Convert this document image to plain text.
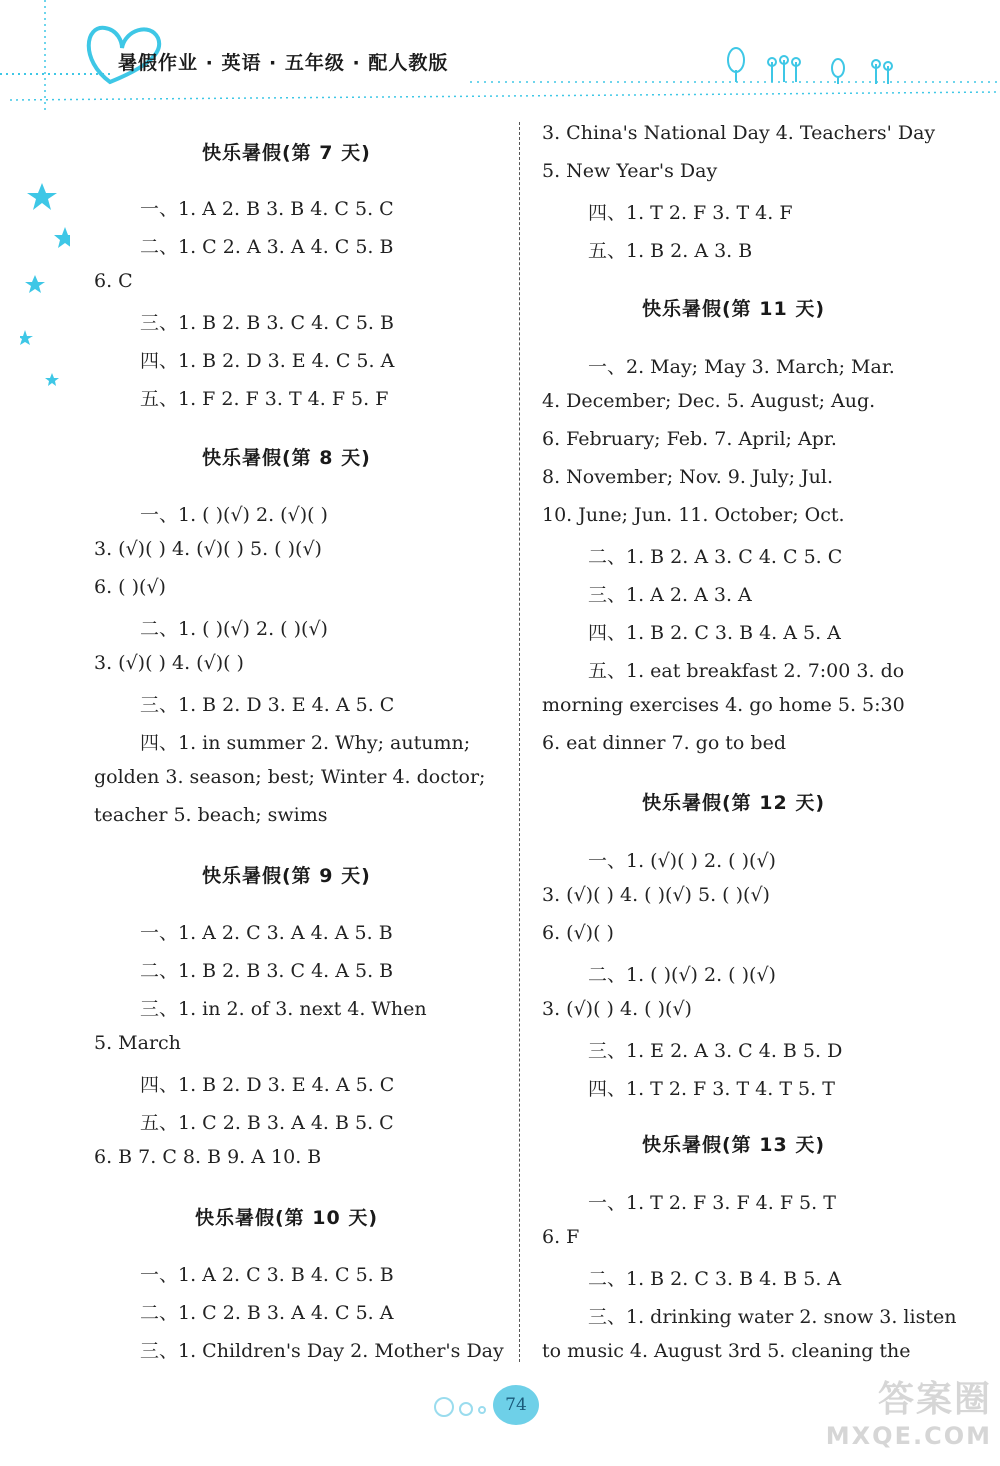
暑假作业 · 英语 · 五年级 · 配人教版
快乐暑假(第 7 天)
一、1. A 2. B 3. B 4. C 5. C
二、1. C 2. A 3. A 4. C 5. B
6. C
三、1. B 2. B 3. C 4. C 5. B
四、1. B 2. D 3. E 4. C 5. A
五、1. F 2. F 3. T 4. F 5. F
快乐暑假(第 8 天)
一、1. ( )(√) 2. (√)( )
3. (√)( ) 4. (√)( ) 5. ( )(√)
6. ( )(√)
二、1. ( )(√) 2. ( )(√)
3. (√)( ) 4. (√)( )
三、1. B 2. D 3. E 4. A 5. C
四、1. in summer 2. Why; autumn;
golden 3. season; best; Winter 4. doctor;
teacher 5. beach; swims
快乐暑假(第 9 天)
一、1. A 2. C 3. A 4. A 5. B
二、1. B 2. B 3. C 4. A 5. B
三、1. in 2. of 3. next 4. When
5. March
四、1. B 2. D 3. E 4. A 5. C
五、1. C 2. B 3. A 4. B 5. C
6. B 7. C 8. B 9. A 10. B
快乐暑假(第 10 天)
一、1. A 2. C 3. B 4. C 5. B
二、1. C 2. B 3. A 4. C 5. A
三、1. Children's Day 2. Mother's Day
3. China's National Day 4. Teachers' Day
5. New Year's Day
四、1. T 2. F 3. T 4. F
五、1. B 2. A 3. B
快乐暑假(第 11 天)
一、2. May; May 3. March; Mar.
4. December; Dec. 5. August; Aug.
6. February; Feb. 7. April; Apr.
8. November; Nov. 9. July; Jul.
10. June; Jun. 11. October; Oct.
二、1. B 2. A 3. C 4. C 5. C
三、1. A 2. A 3. A
四、1. B 2. C 3. B 4. A 5. A
五、1. eat breakfast 2. 7:00 3. do
morning exercises 4. go home 5. 5:30
6. eat dinner 7. go to bed
快乐暑假(第 12 天)
一、1. (√)( ) 2. ( )(√)
3. (√)( ) 4. ( )(√) 5. ( )(√)
6. (√)( )
二、1. ( )(√) 2. ( )(√)
3. (√)( ) 4. ( )(√)
三、1. E 2. A 3. C 4. B 5. D
四、1. T 2. F 3. T 4. T 5. T
快乐暑假(第 13 天)
一、1. T 2. F 3. F 4. F 5. T
6. F
二、1. B 2. C 3. B 4. B 5. A
三、1. drinking water 2. snow 3. listen
to music 4. August 3rd 5. cleaning the
74	答案圈
MXQE.COM
